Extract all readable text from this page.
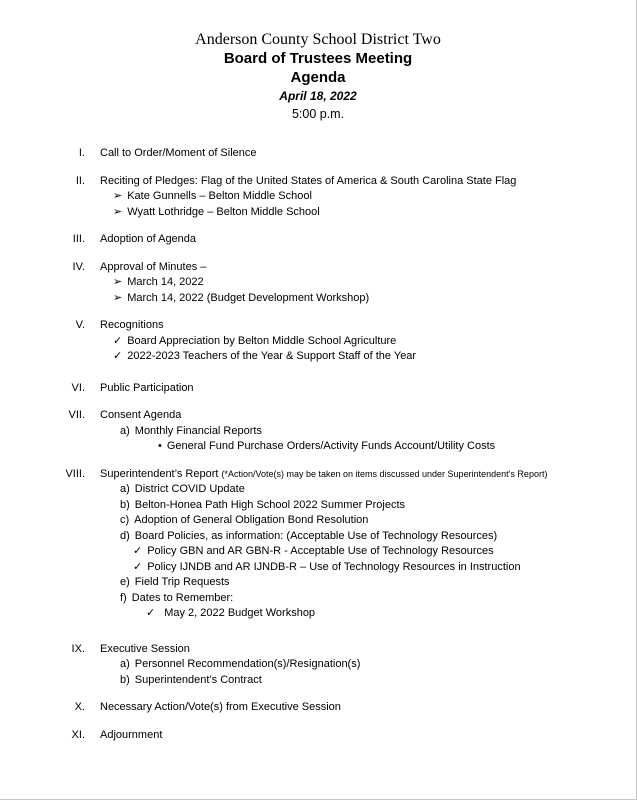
Anderson County School District Two
Board of Trustees Meeting
Agenda
April 18, 2022
5:00 p.m.
I. Call to Order/Moment of Silence
II. Reciting of Pledges: Flag of the United States of America & South Carolina State Flag
➢ Kate Gunnells – Belton Middle School
➢ Wyatt Lothridge – Belton Middle School
III. Adoption of Agenda
IV. Approval of Minutes –
➢ March 14, 2022
➢ March 14, 2022 (Budget Development Workshop)
V. Recognitions
✓ Board Appreciation by Belton Middle School Agriculture
✓ 2022-2023 Teachers of the Year & Support Staff of the Year
VI. Public Participation
VII. Consent Agenda
a) Monthly Financial Reports
• General Fund Purchase Orders/Activity Funds Account/Utility Costs
VIII. Superintendent’s Report (*Action/Vote(s) may be taken on items discussed under Superintendent’s Report)
a) District COVID Update
b) Belton-Honea Path High School 2022 Summer Projects
c) Adoption of General Obligation Bond Resolution
d) Board Policies, as information: (Acceptable Use of Technology Resources)
✓ Policy GBN and AR GBN-R - Acceptable Use of Technology Resources
✓ Policy IJNDB and AR IJNDB-R – Use of Technology Resources in Instruction
e) Field Trip Requests
f) Dates to Remember:
✓ May 2, 2022 Budget Workshop
IX. Executive Session
a) Personnel Recommendation(s)/Resignation(s)
b) Superintendent’s Contract
X. Necessary Action/Vote(s) from Executive Session
XI. Adjournment
